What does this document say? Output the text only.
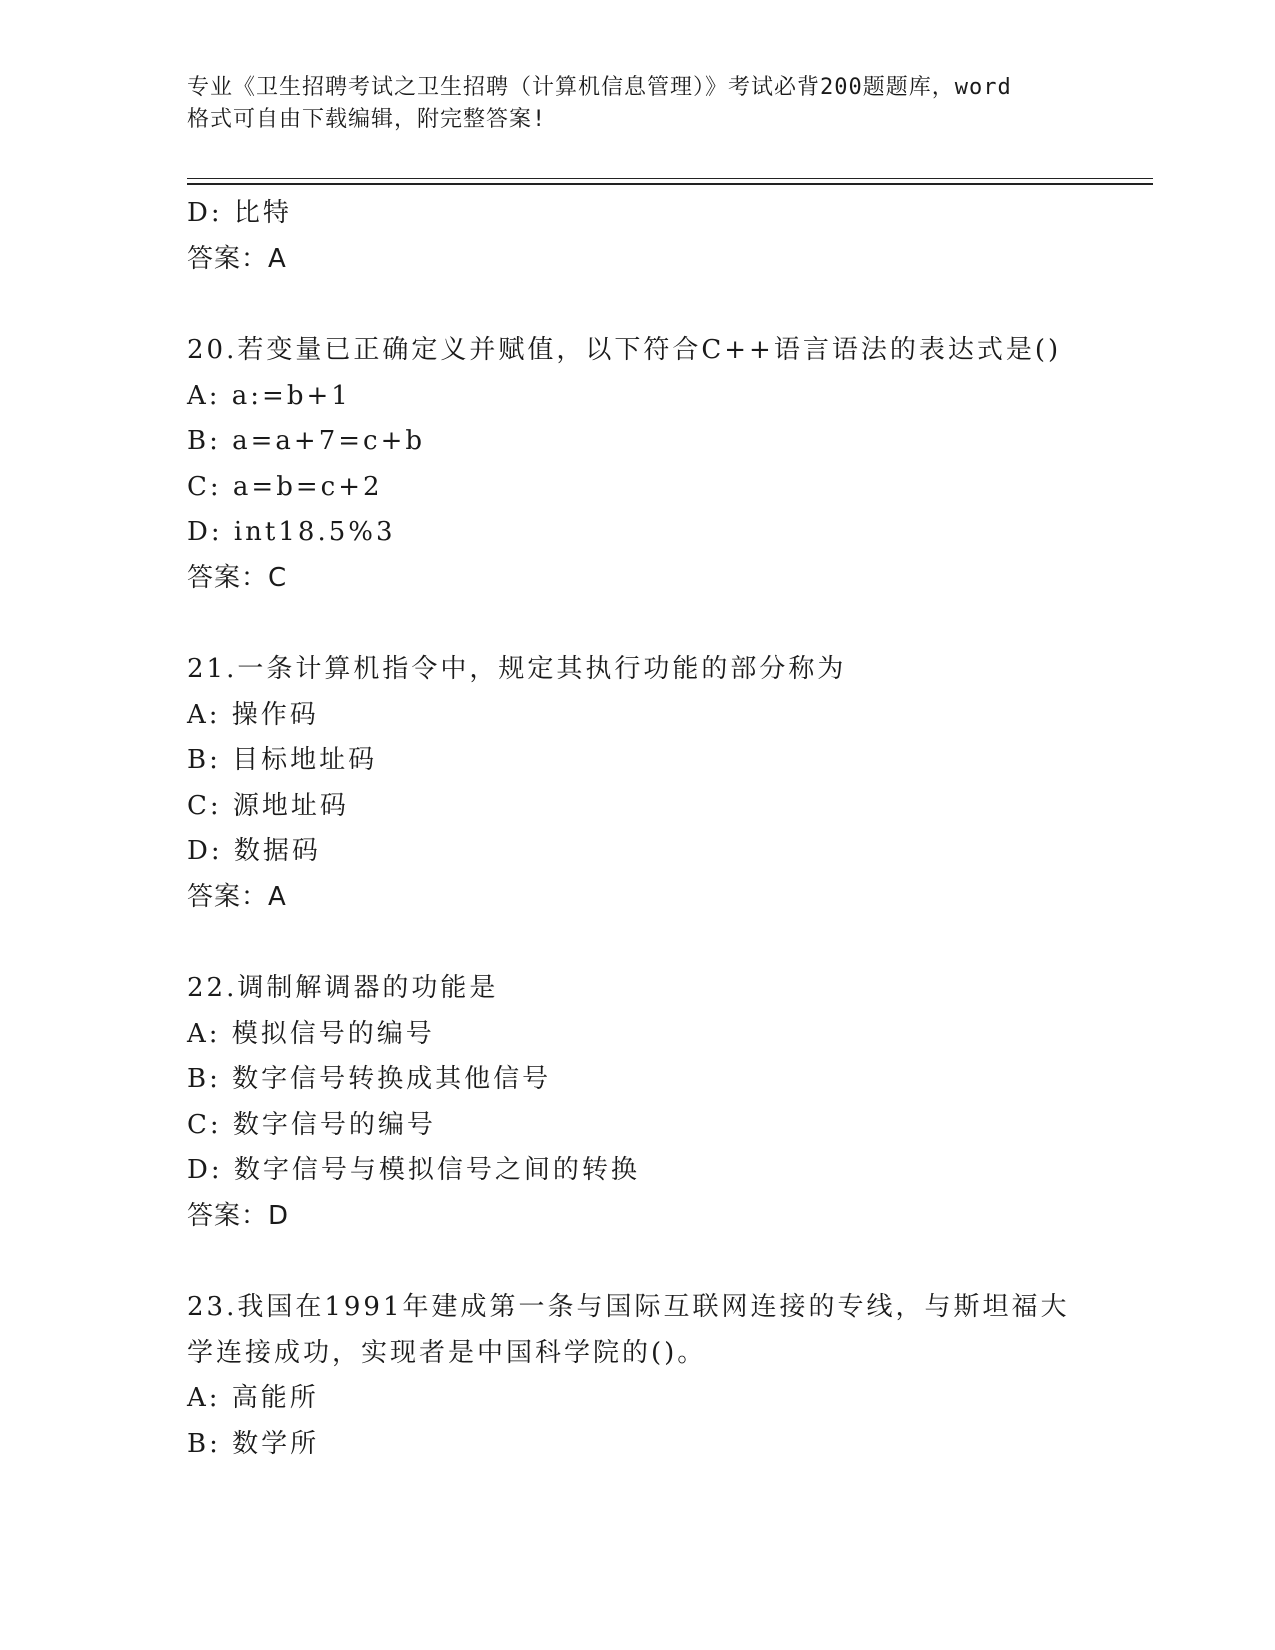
专业《卫生招聘考试之卫生招聘（计算机信息管理）》考试必背200题题库，word
格式可自由下载编辑，附完整答案!
D: 比特
答案：A
20.若变量已正确定义并赋值，以下符合C++语言语法的表达式是()
A: a:=b+1
B: a=a+7=c+b
C: a=b=c+2
D: int18.5%3
答案：C
21.一条计算机指令中，规定其执行功能的部分称为
A: 操作码
B: 目标地址码
C: 源地址码
D: 数据码
答案：A
22.调制解调器的功能是
A: 模拟信号的编号
B: 数字信号转换成其他信号
C: 数字信号的编号
D: 数字信号与模拟信号之间的转换
答案：D
23.我国在1991年建成第一条与国际互联网连接的专线，与斯坦福大
学连接成功，实现者是中国科学院的()。
A: 高能所
B: 数学所
